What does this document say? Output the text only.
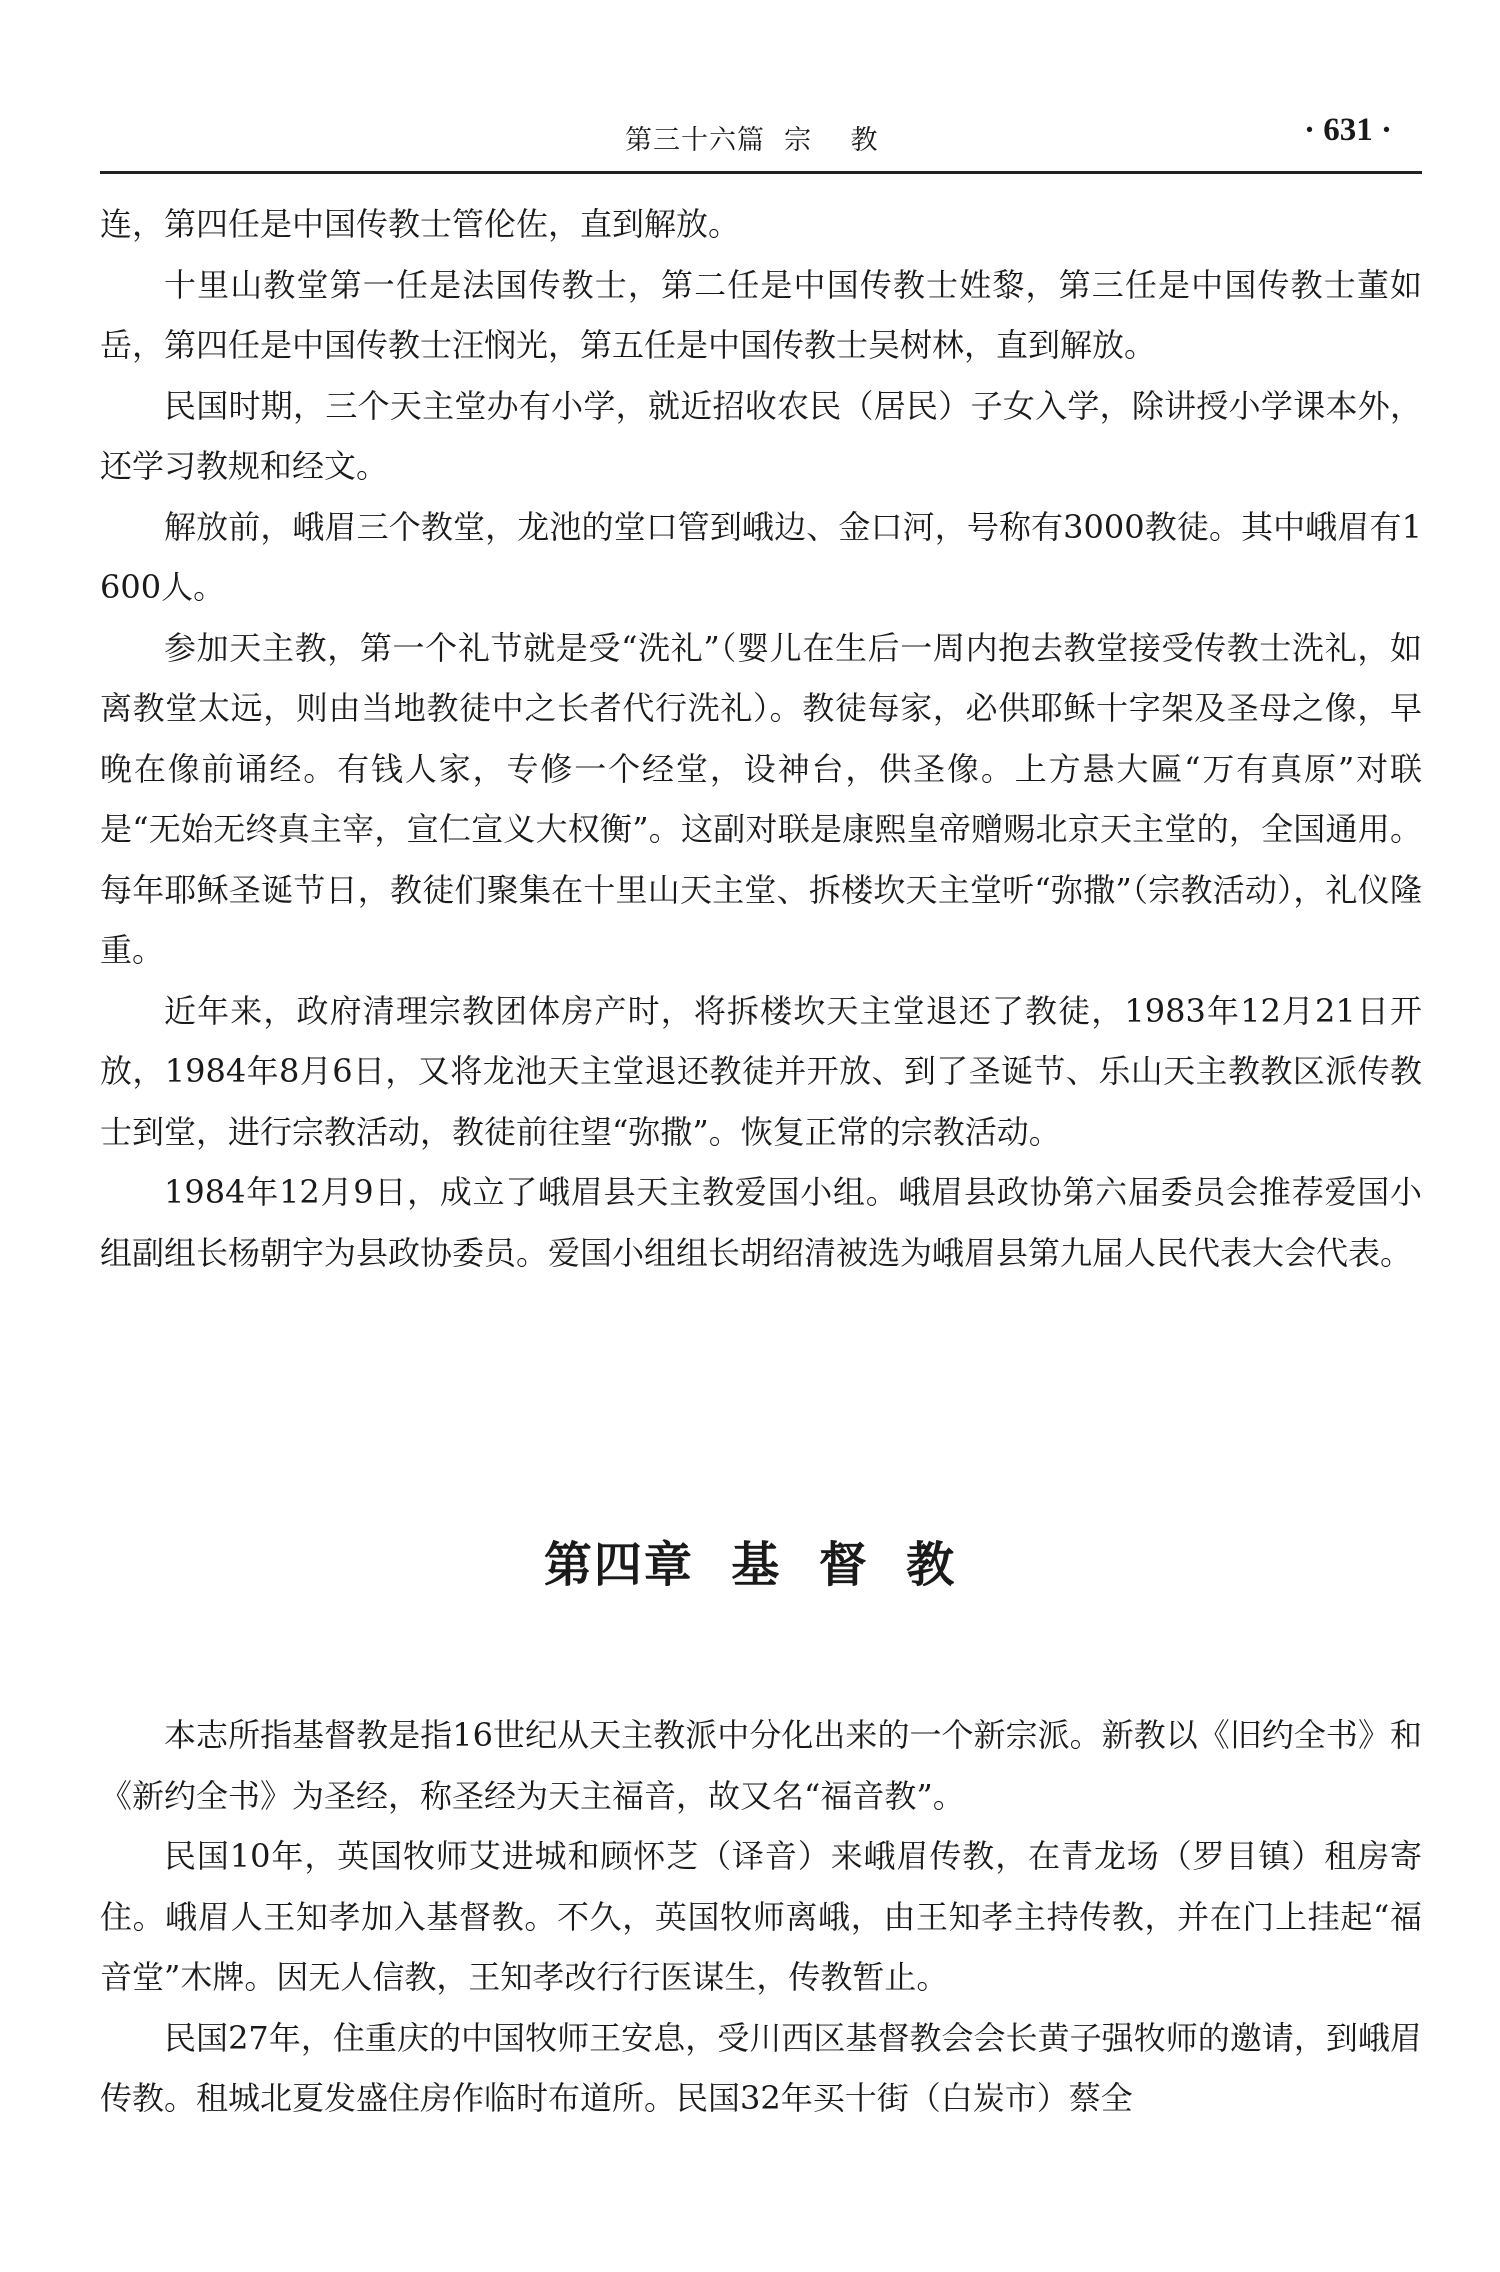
第三十六篇  宗    教	· 631 ·

连，第四任是中国传教士管伦佐，直到解放。

十里山教堂第一任是法国传教士，第二任是中国传教士姓黎，第三任是中国传教士董如岳，第四任是中国传教士汪悯光，第五任是中国传教士吴树林，直到解放。

民国时期，三个天主堂办有小学，就近招收农民（居民）子女入学，除讲授小学课本外，还学习教规和经文。

解放前，峨眉三个教堂，龙池的堂口管到峨边、金口河，号称有3000教徒。其中峨眉有1600人。

参加天主教，第一个礼节就是受“洗礼”（婴儿在生后一周内抱去教堂接受传教士洗礼，如离教堂太远，则由当地教徒中之长者代行洗礼）。教徒每家，必供耶稣十字架及圣母之像，早晚在像前诵经。有钱人家，专修一个经堂，设神台，供圣像。上方悬大匾“万有真原”对联是“无始无终真主宰，宣仁宣义大权衡”。这副对联是康熙皇帝赠赐北京天主堂的，全国通用。每年耶稣圣诞节日，教徒们聚集在十里山天主堂、拆楼坎天主堂听“弥撒”（宗教活动），礼仪隆重。

近年来，政府清理宗教团体房产时，将拆楼坎天主堂退还了教徒，1983年12月21日开放，1984年8月6日，又将龙池天主堂退还教徒并开放、到了圣诞节、乐山天主教教区派传教士到堂，进行宗教活动，教徒前往望“弥撒”。恢复正常的宗教活动。

1984年12月9日，成立了峨眉县天主教爱国小组。峨眉县政协第六届委员会推荐爱国小组副组长杨朝宇为县政协委员。爱国小组组长胡绍清被选为峨眉县第九届人民代表大会代表。

第四章  基  督  教

本志所指基督教是指16世纪从天主教派中分化出来的一个新宗派。新教以《旧约全书》和《新约全书》为圣经，称圣经为天主福音，故又名“福音教”。

民国10年，英国牧师艾进城和顾怀芝（译音）来峨眉传教，在青龙场（罗目镇）租房寄住。峨眉人王知孝加入基督教。不久，英国牧师离峨，由王知孝主持传教，并在门上挂起“福音堂”木牌。因无人信教，王知孝改行行医谋生，传教暂止。

民国27年，住重庆的中国牧师王安息，受川西区基督教会会长黄子强牧师的邀请，到峨眉传教。租城北夏发盛住房作临时布道所。民国32年买十街（白炭市）蔡全
